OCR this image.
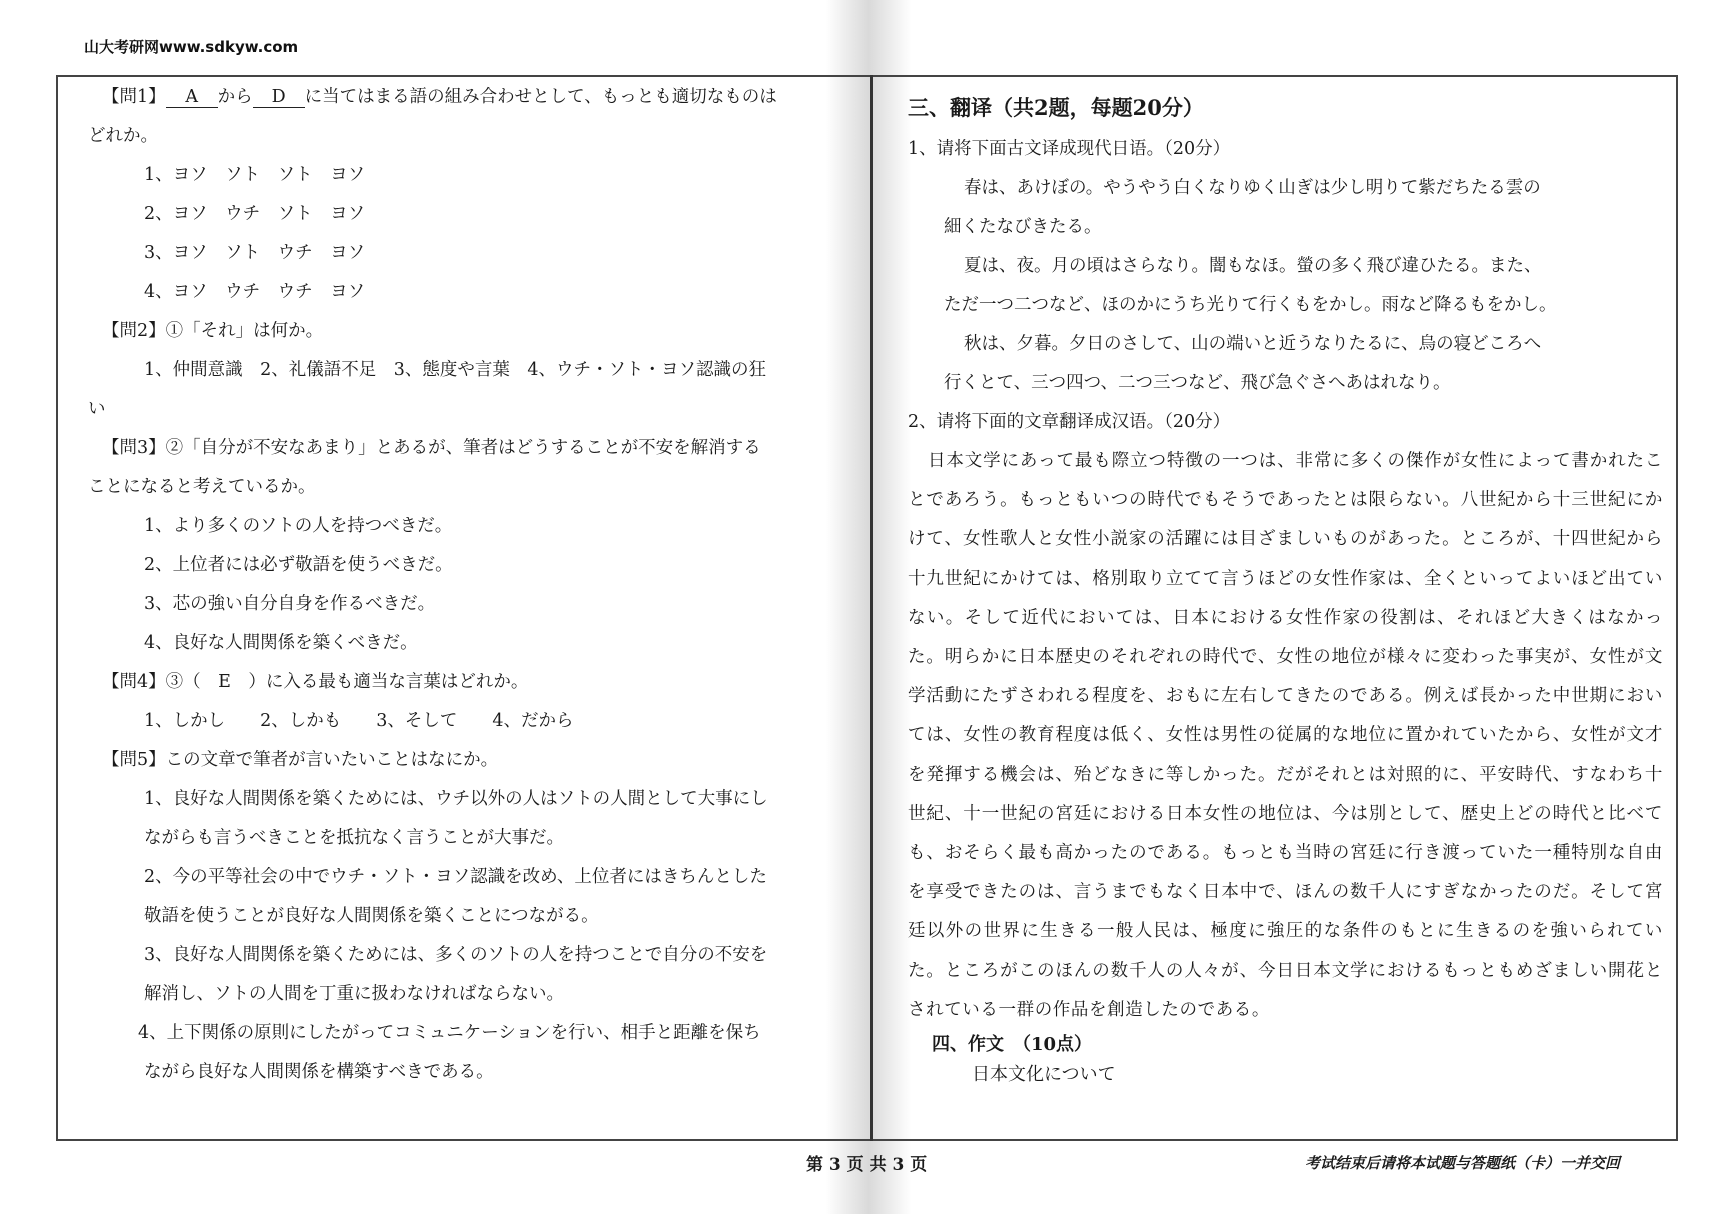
山大考研网www.sdkyw.com
【問1】 A から D に当てはまる語の組み合わせとして、もっとも適切なものは
どれか。
1、ヨソ　ソト　ソト　ヨソ
2、ヨソ　ウチ　ソト　ヨソ
3、ヨソ　ソト　ウチ　ヨソ
4、ヨソ　ウチ　ウチ　ヨソ
【問2】①「それ」は何か。
1、仲間意識　2、礼儀語不足　3、態度や言葉　4、ウチ・ソト・ヨソ認識の狂
い
【問3】②「自分が不安なあまり」とあるが、筆者はどうすることが不安を解消する
ことになると考えているか。
1、より多くのソトの人を持つべきだ。
2、上位者には必ず敬語を使うべきだ。
3、芯の強い自分自身を作るべきだ。
4、良好な人間関係を築くべきだ。
【問4】③（　E　）に入る最も適当な言葉はどれか。
1、しかし　　2、しかも　　3、そして　　4、だから
【問5】この文章で筆者が言いたいことはなにか。
1、良好な人間関係を築くためには、ウチ以外の人はソトの人間として大事にし
ながらも言うべきことを抵抗なく言うことが大事だ。
2、今の平等社会の中でウチ・ソト・ヨソ認識を改め、上位者にはきちんとした
敬語を使うことが良好な人間関係を築くことにつながる。
3、良好な人間関係を築くためには、多くのソトの人を持つことで自分の不安を
解消し、ソトの人間を丁重に扱わなければならない。
4、上下関係の原則にしたがってコミュニケーションを行い、相手と距離を保ち
ながら良好な人間関係を構築すべきである。
三、翻译（共2题，每题20分）
1、请将下面古文译成现代日语。（20分）
春は、あけぼの。やうやう白くなりゆく山ぎは少し明りて紫だちたる雲の
細くたなびきたる。
夏は、夜。月の頃はさらなり。闇もなほ。螢の多く飛び違ひたる。また、
ただ一つ二つなど、ほのかにうち光りて行くもをかし。雨など降るもをかし。
秋は、夕暮。夕日のさして、山の端いと近うなりたるに、烏の寝どころへ
行くとて、三つ四つ、二つ三つなど、飛び急ぐさへあはれなり。
2、请将下面的文章翻译成汉语。（20分）

日本文学にあって最も際立つ特徴の一つは、非常に多くの傑作が女性によって書かれたことであろう。もっともいつの時代でもそうであったとは限らない。八世紀から十三世紀にかけて、女性歌人と女性小説家の活躍には目ざましいものがあった。ところが、十四世紀から十九世紀にかけては、格別取り立てて言うほどの女性作家は、全くといってよいほど出ていない。そして近代においては、日本における女性作家の役割は、それほど大きくはなかった。明らかに日本歴史のそれぞれの時代で、女性の地位が様々に変わった事実が、女性が文学活動にたずさわれる程度を、おもに左右してきたのである。例えば長かった中世期においては、女性の教育程度は低く、女性は男性の従属的な地位に置かれていたから、女性が文才を発揮する機会は、殆どなきに等しかった。だがそれとは対照的に、平安時代、すなわち十世紀、十一世紀の宮廷における日本女性の地位は、今は別として、歴史上どの時代と比べても、おそらく最も高かったのである。もっとも当時の宮廷に行き渡っていた一種特別な自由を享受できたのは、言うまでもなく日本中で、ほんの数千人にすぎなかったのだ。そして宮廷以外の世界に生きる一般人民は、極度に強圧的な条件のもとに生きるのを強いられていた。ところがこのほんの数千人の人々が、今日日本文学におけるもっともめざましい開花とされている一群の作品を創造したのである。

四、作文　（10点）
日本文化について
第 3 页 共 3 页	考试结束后请将本试题与答题纸（卡）一并交回
